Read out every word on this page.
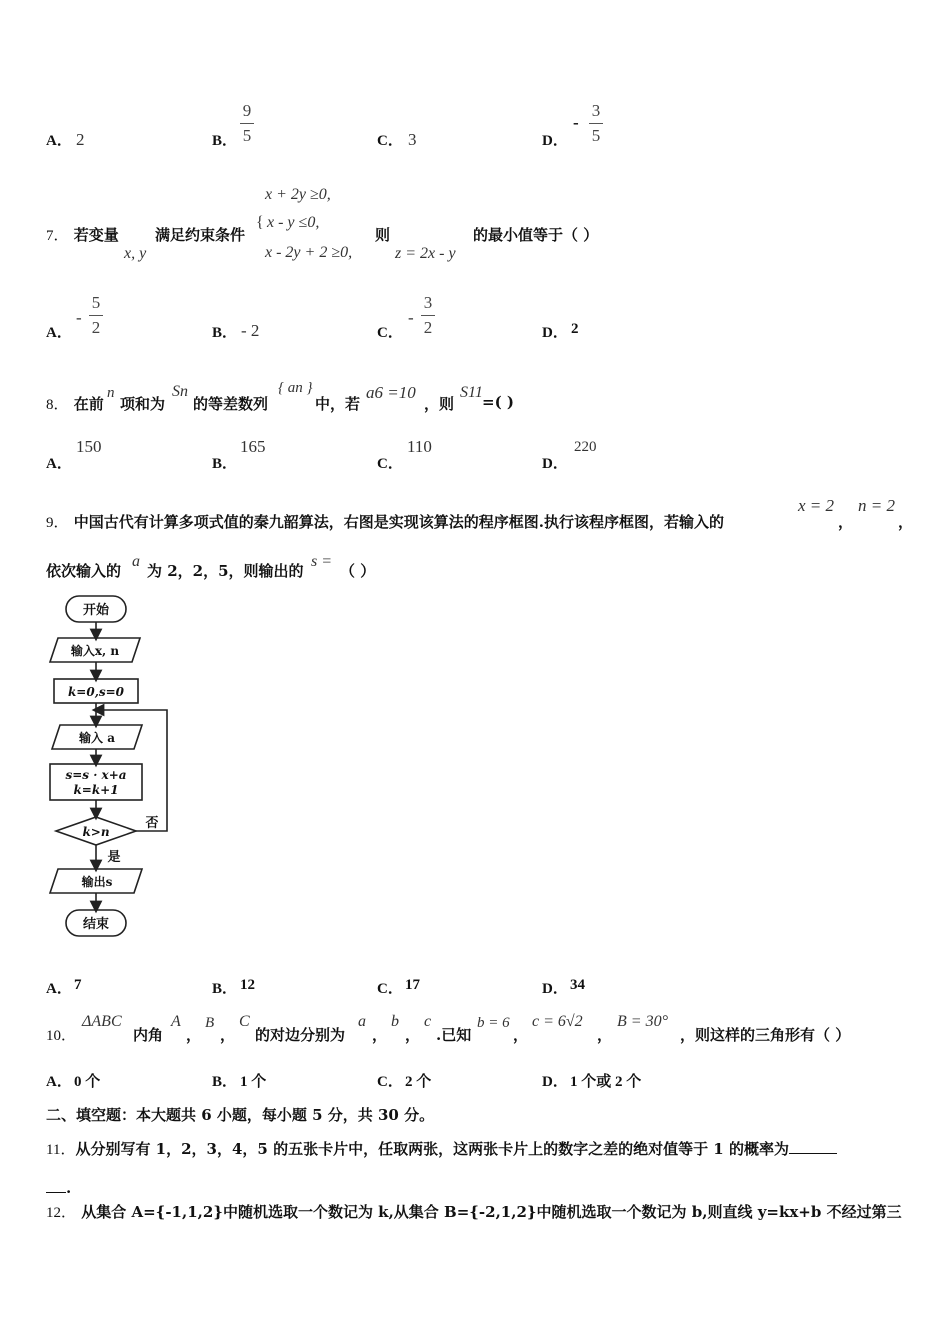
A． 2	B．
9
5	C． 3	D．
-
3
5
x + 2y ≥0,
{ x - y ≤0,
x - 2y + 2 ≥0,
7． 若变量
x, y
满足约束条件	则
z = 2x - y
的最小值等于（ ）
A．
-
5
2	B． - 2	C．
-
3
2	D． 2
8． 在前
n
项和为
Sn
的等差数列
{ an }
中，若
a6 =10
，则
S11
=( )
A．
150
B．
165
C．
110
D．
220
9． 中国古代有计算多项式值的秦九韶算法，右图是实现该算法的程序框图.执行该程序框图，若输入的
x = 2
，
n = 2
，
依次输入的
a
为 2，2，5，则输出的
s =
（ ）
开始
输入x, n
k=0,s=0
输入 a
s=s · x+a
k=k+1
k>n
否
是
输出s
结束
A． 7	B． 12	C． 17	D． 34
10．
ΔABC
内角
A
，
B
，
C
的对边分别为
a
，
b
，
c
.已知
b = 6
，
c = 6√2
，
B = 30°
，则这样的三角形有（ ）
A． 0 个	B． 1 个	C． 2 个	D． 1 个或 2 个
二、填空题：本大题共 6 小题，每小题 5 分，共 30 分。
11．从分别写有 1，2，3，4，5 的五张卡片中，任取两张，这两张卡片上的数字之差的绝对值等于 1 的概率为
.
12． 从集合 A={-1,1,2}中随机选取一个数记为 k,从集合 B={-2,1,2}中随机选取一个数记为 b,则直线 y=kx+b 不经过第三
